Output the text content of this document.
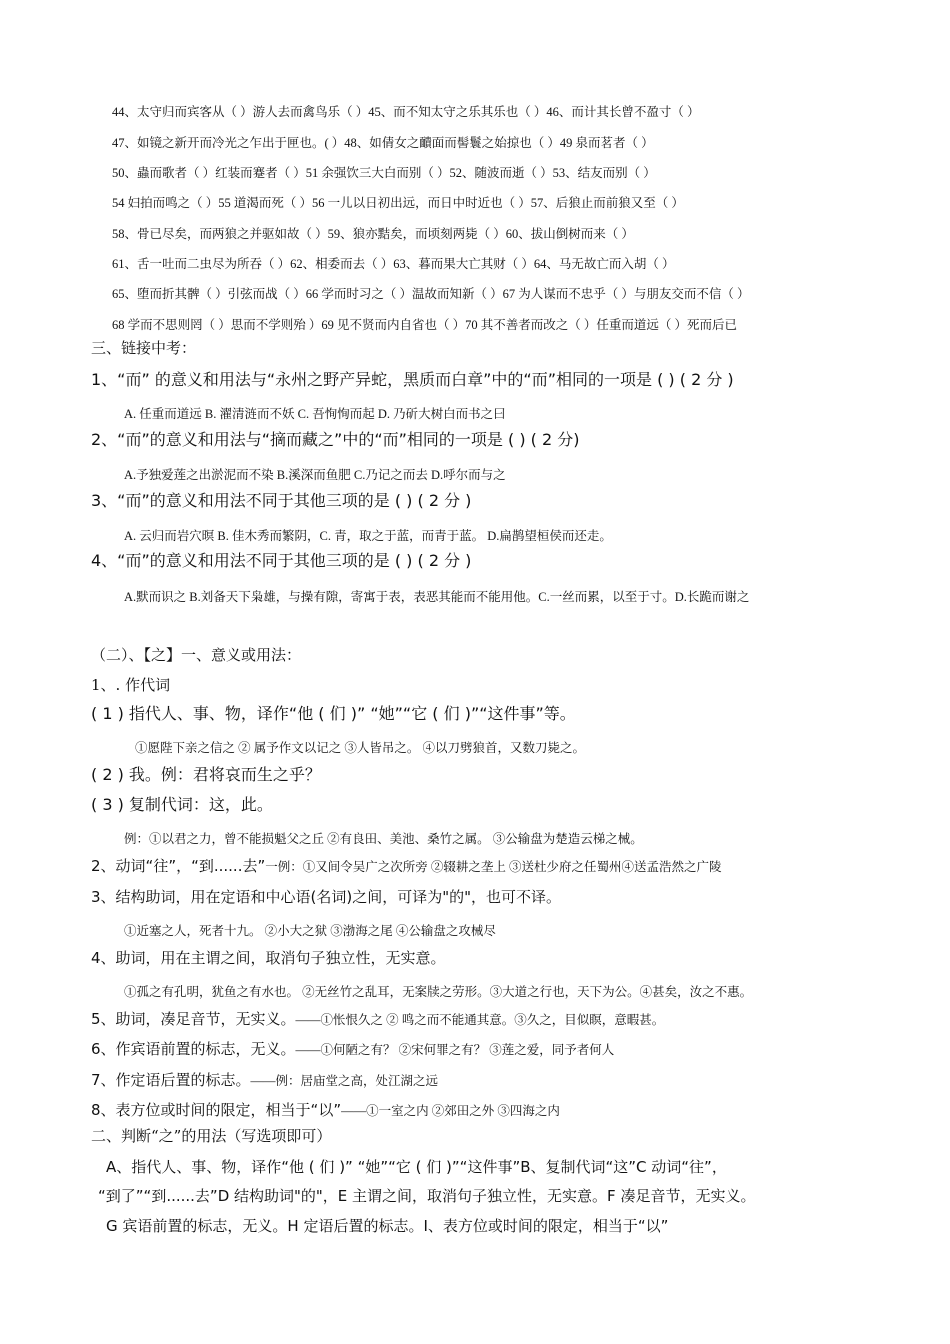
44、太守归而宾客从（ ）游人去而禽鸟乐（ ）45、而不知太守之乐其乐也（ ）46、而计其长曾不盈寸（ ）
47、如镜之新开而冷光之乍出于匣也。( ）48、如倩女之靧面而髻鬟之始掠也（ ）49 泉而茗者（ ）
50、蟲而歌者（ ）红装而蹇者（ ）51 余强饮三大白而别（ ）52、随波而逝（ ）53、结友而别（ ）
54 妇拍而鸣之（ ）55 道渴而死（ ）56 一儿以日初出远，而日中时近也（ ）57、后狼止而前狼又至（ ）
58、骨已尽矣，而两狼之并驱如故（ ）59、狼亦黠矣，而顷刻两毙（ ）60、拔山倒树而来（ ）
61、舌一吐而二虫尽为所吞（ ）62、相委而去（ ）63、暮而果大亡其财（ ）64、马无故亡而入胡（ ）
65、堕而折其髀（ ）引弦而战（ ）66 学而时习之（ ）温故而知新（ ）67 为人谋而不忠乎（ ）与朋友交而不信（ ）
68 学而不思则罔（ ）思而不学则殆 ）69 见不贤而内自省也（ ）70 其不善者而改之（ ）任重而道远（ ）死而后已
三、链接中考：
1、“而” 的意义和用法与“永州之野产异蛇，黑质而白章”中的“而”相同的一项是 ( ) ( 2 分 )
A. 任重而道远 B. 濯清涟而不妖 C. 吾恂恂而起 D. 乃斫大树白而书之曰
2、“而”的意义和用法与“摘而藏之”中的“而”相同的一项是 ( ) ( 2 分)
A.予独爱莲之出淤泥而不染 B.溪深而鱼肥 C.乃记之而去 D.呼尔而与之
3、“而”的意义和用法不同于其他三项的是 ( ) ( 2 分 )
A. 云归而岩穴暝 B. 佳木秀而繁阴，C. 青，取之于蓝，而青于蓝。 D.扁鹊望桓侯而还走。
4、“而”的意义和用法不同于其他三项的是 ( ) ( 2 分 )
A.默而识之 B.刘备天下枭雄，与操有隙，寄寓于表，表恶其能而不能用他。C.一丝而累，以至于寸。D.长跪而谢之
（二）、【之】一、意义或用法：
1、. 作代词
( 1 ) 指代人、事、物，译作“他 ( 们 )” “她”“它 ( 们 )”“这件事”等。
①愿陛下亲之信之 ② 属予作文以记之 ③人皆吊之。 ④以刀劈狼首，又数刀毙之。
( 2 ) 我。例：君将哀而生之乎？
( 3 ) 复制代词：这，此。
例：①以君之力，曾不能损魁父之丘 ②有良田、美池、桑竹之属。 ③公输盘为楚造云梯之械。
2、动词“往”，“到......去”一例：①又间令吴广之次所旁 ②辍耕之垄上 ③送杜少府之任蜀州④送孟浩然之广陵
3、结构助词，用在定语和中心语(名词)之间，可译为"的"，也可不译。
①近塞之人，死者十九。 ②小大之狱 ③渤海之尾 ④公输盘之攻械尽
4、助词，用在主谓之间，取消句子独立性，无实意。
①孤之有孔明，犹鱼之有水也。 ②无丝竹之乱耳，无案牍之劳形。③大道之行也，天下为公。④甚矣，汝之不惠。
5、助词，凑足音节，无实义。——①怅恨久之 ② 鸣之而不能通其意。③久之，目似瞑，意暇甚。
6、作宾语前置的标志，无义。——①何陋之有？ ②宋何罪之有？ ③莲之爱，同予者何人
7、作定语后置的标志。——例：居庙堂之高，处江湖之远
8、表方位或时间的限定，相当于“以”——①一室之内 ②郊田之外 ③四海之内
二、判断“之”的用法（写选项即可）
A、指代人、事、物，译作“他 ( 们 )” “她”“它 ( 们 )”“这件事”B、复制代词“这”C 动词“往”，
“到了”“到......去”D 结构助词"的"，E 主谓之间，取消句子独立性，无实意。F 凑足音节，无实义。
G 宾语前置的标志，无义。H 定语后置的标志。I、表方位或时间的限定，相当于“以”
